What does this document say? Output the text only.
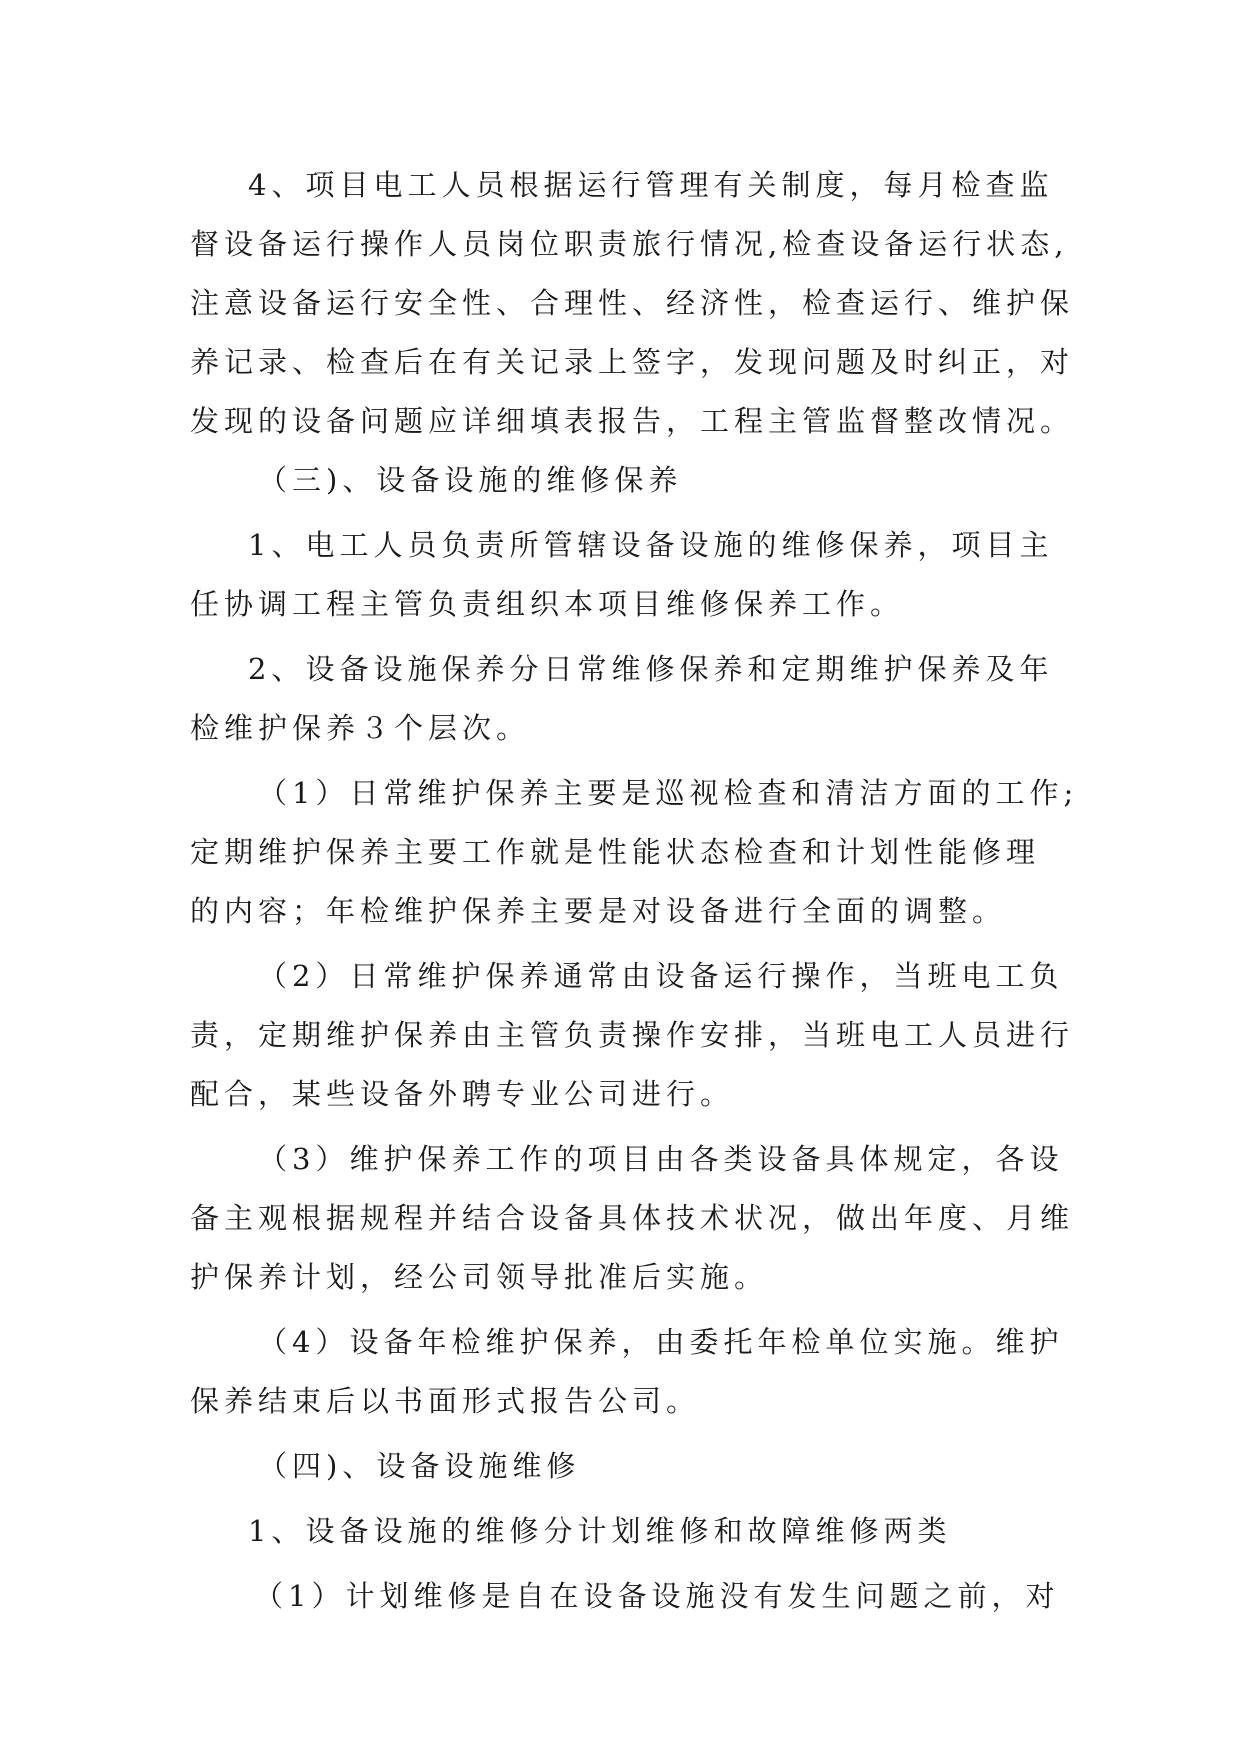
4、项目电工人员根据运行管理有关制度，每月检查监
督设备运行操作人员岗位职责旅行情况,检查设备运行状态,
注意设备运行安全性、合理性、经济性，检查运行、维护保
养记录、检查后在有关记录上签字，发现问题及时纠正，对
发现的设备问题应详细填表报告，工程主管监督整改情况。
（三)、设备设施的维修保养
1、电工人员负责所管辖设备设施的维修保养，项目主
任协调工程主管负责组织本项目维修保养工作。
2、设备设施保养分日常维修保养和定期维护保养及年
检维护保养３个层次。
（1）日常维护保养主要是巡视检查和清洁方面的工作;
定期维护保养主要工作就是性能状态检查和计划性能修理
的内容；年检维护保养主要是对设备进行全面的调整。
（2）日常维护保养通常由设备运行操作，当班电工负
责，定期维护保养由主管负责操作安排，当班电工人员进行
配合，某些设备外聘专业公司进行。
（3）维护保养工作的项目由各类设备具体规定，各设
备主观根据规程并结合设备具体技术状况，做出年度、月维
护保养计划，经公司领导批准后实施。
（4）设备年检维护保养，由委托年检单位实施。维护
保养结束后以书面形式报告公司。
（四)、设备设施维修
1、设备设施的维修分计划维修和故障维修两类
（1）计划维修是自在设备设施没有发生问题之前，对
